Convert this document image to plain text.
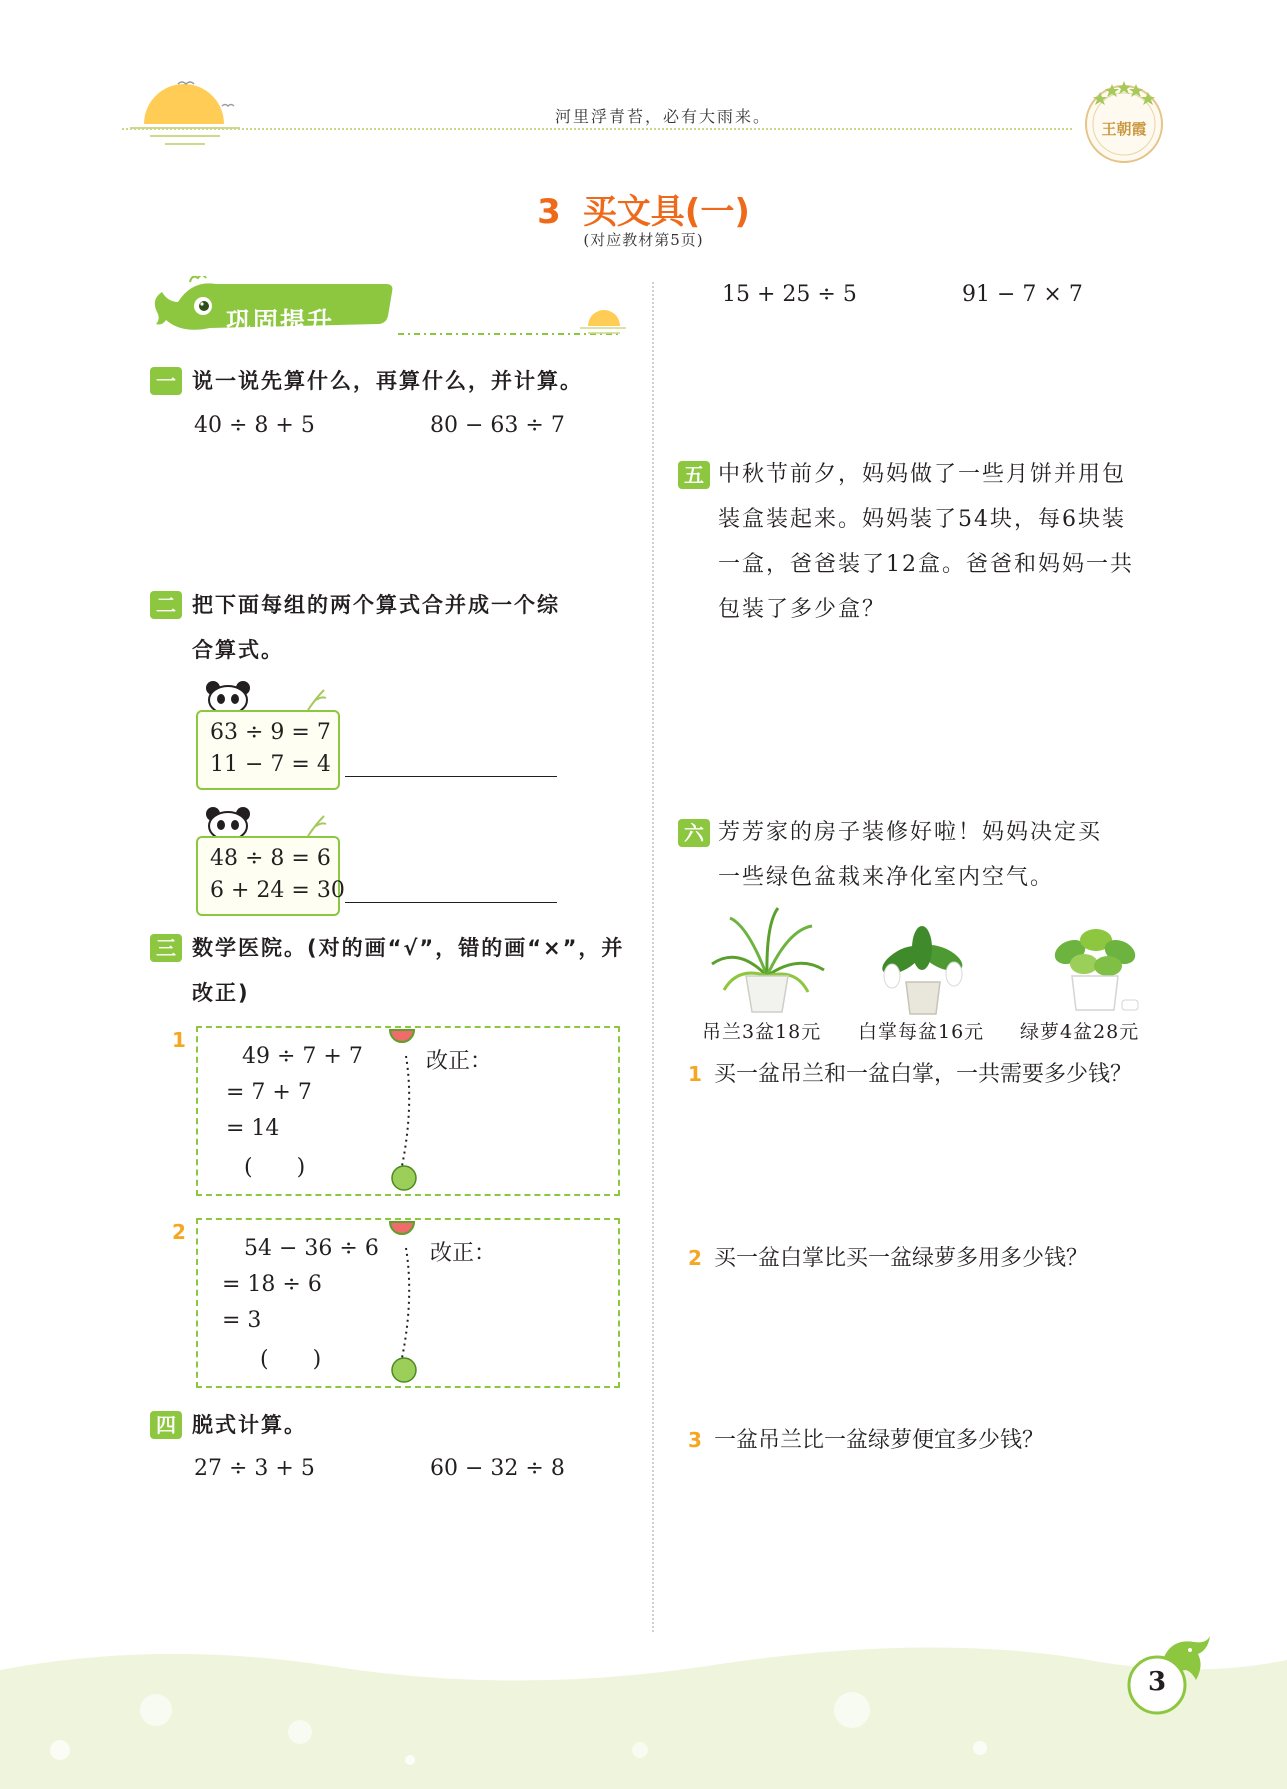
河里浮青苔，必有大雨来。
王朝霞
3 买文具(一)
(对应教材第5页)
巩固提升
一 说一说先算什么，再算什么，并计算。
40 ÷ 8 + 5	80 − 63 ÷ 7
二 把下面每组的两个算式合并成一个综
合算式。
63 ÷ 9 = 7
11 − 7 = 4
48 ÷ 8 = 6
6 + 24 = 30
三 数学医院。(对的画“√”，错的画“×”，并
改正)
1
49 ÷ 7 + 7
= 7 + 7
= 14
(　　)
改正：
2
54 − 36 ÷ 6
= 18 ÷ 6
= 3
(　　)
改正：
四 脱式计算。
27 ÷ 3 + 5	60 − 32 ÷ 8
15 + 25 ÷ 5	91 − 7 × 7
五 中秋节前夕，妈妈做了一些月饼并用包
装盒装起来。妈妈装了54块，每6块装
一盒，爸爸装了12盒。爸爸和妈妈一共
包装了多少盒？
六 芳芳家的房子装修好啦！妈妈决定买
一些绿色盆栽来净化室内空气。
吊兰3盆18元 白掌每盆16元 绿萝4盆28元
1 买一盆吊兰和一盆白掌，一共需要多少钱？
2 买一盆白掌比买一盆绿萝多用多少钱？
3 一盆吊兰比一盆绿萝便宜多少钱？
3
